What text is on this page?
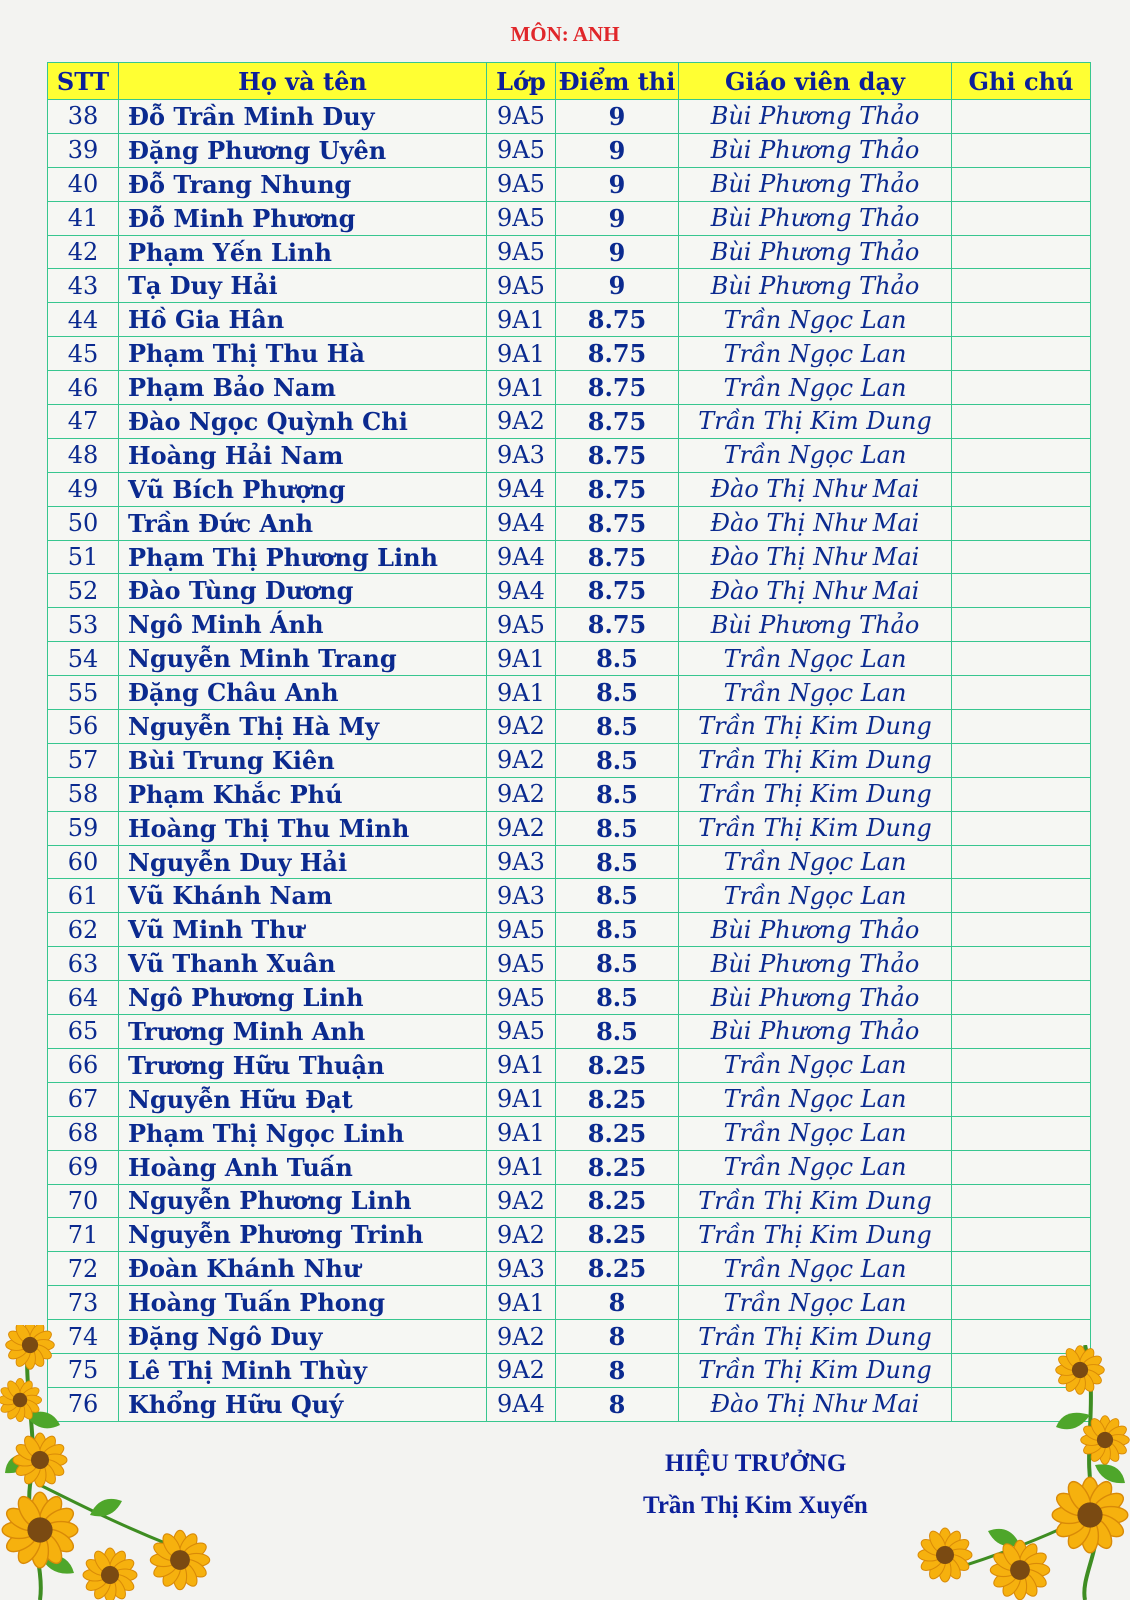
MÔN: ANH
STT	Họ và tên	Lớp	Điểm thi	Giáo viên dạy	Ghi chú
38	Đỗ Trần Minh Duy	9A5	9	Bùi Phương Thảo	
39	Đặng Phương Uyên	9A5	9	Bùi Phương Thảo	
40	Đỗ Trang Nhung	9A5	9	Bùi Phương Thảo	
41	Đỗ Minh Phương	9A5	9	Bùi Phương Thảo	
42	Phạm Yến Linh	9A5	9	Bùi Phương Thảo	
43	Tạ Duy Hải	9A5	9	Bùi Phương Thảo	
44	Hồ Gia Hân	9A1	8.75	Trần Ngọc Lan	
45	Phạm Thị Thu Hà	9A1	8.75	Trần Ngọc Lan	
46	Phạm Bảo Nam	9A1	8.75	Trần Ngọc Lan	
47	Đào Ngọc Quỳnh Chi	9A2	8.75	Trần Thị Kim Dung	
48	Hoàng Hải Nam	9A3	8.75	Trần Ngọc Lan	
49	Vũ Bích Phượng	9A4	8.75	Đào Thị Như Mai	
50	Trần Đức Anh	9A4	8.75	Đào Thị Như Mai	
51	Phạm Thị Phương Linh	9A4	8.75	Đào Thị Như Mai	
52	Đào Tùng Dương	9A4	8.75	Đào Thị Như Mai	
53	Ngô Minh Ánh	9A5	8.75	Bùi Phương Thảo	
54	Nguyễn Minh Trang	9A1	8.5	Trần Ngọc Lan	
55	Đặng Châu Anh	9A1	8.5	Trần Ngọc Lan	
56	Nguyễn Thị Hà My	9A2	8.5	Trần Thị Kim Dung	
57	Bùi Trung Kiên	9A2	8.5	Trần Thị Kim Dung	
58	Phạm Khắc Phú	9A2	8.5	Trần Thị Kim Dung	
59	Hoàng Thị Thu Minh	9A2	8.5	Trần Thị Kim Dung	
60	Nguyễn Duy Hải	9A3	8.5	Trần Ngọc Lan	
61	Vũ Khánh Nam	9A3	8.5	Trần Ngọc Lan	
62	Vũ Minh Thư	9A5	8.5	Bùi Phương Thảo	
63	Vũ Thanh Xuân	9A5	8.5	Bùi Phương Thảo	
64	Ngô Phương Linh	9A5	8.5	Bùi Phương Thảo	
65	Trương Minh Anh	9A5	8.5	Bùi Phương Thảo	
66	Trương Hữu Thuận	9A1	8.25	Trần Ngọc Lan	
67	Nguyễn Hữu Đạt	9A1	8.25	Trần Ngọc Lan	
68	Phạm Thị Ngọc Linh	9A1	8.25	Trần Ngọc Lan	
69	Hoàng Anh Tuấn	9A1	8.25	Trần Ngọc Lan	
70	Nguyễn Phương Linh	9A2	8.25	Trần Thị Kim Dung	
71	Nguyễn Phương Trinh	9A2	8.25	Trần Thị Kim Dung	
72	Đoàn Khánh Như	9A3	8.25	Trần Ngọc Lan	
73	Hoàng Tuấn Phong	9A1	8	Trần Ngọc Lan	
74	Đặng Ngô Duy	9A2	8	Trần Thị Kim Dung	
75	Lê Thị Minh Thùy	9A2	8	Trần Thị Kim Dung	
76	Khổng Hữu Quý	9A4	8	Đào Thị Như Mai	
HIỆU TRƯỞNG
Trần Thị Kim Xuyến
